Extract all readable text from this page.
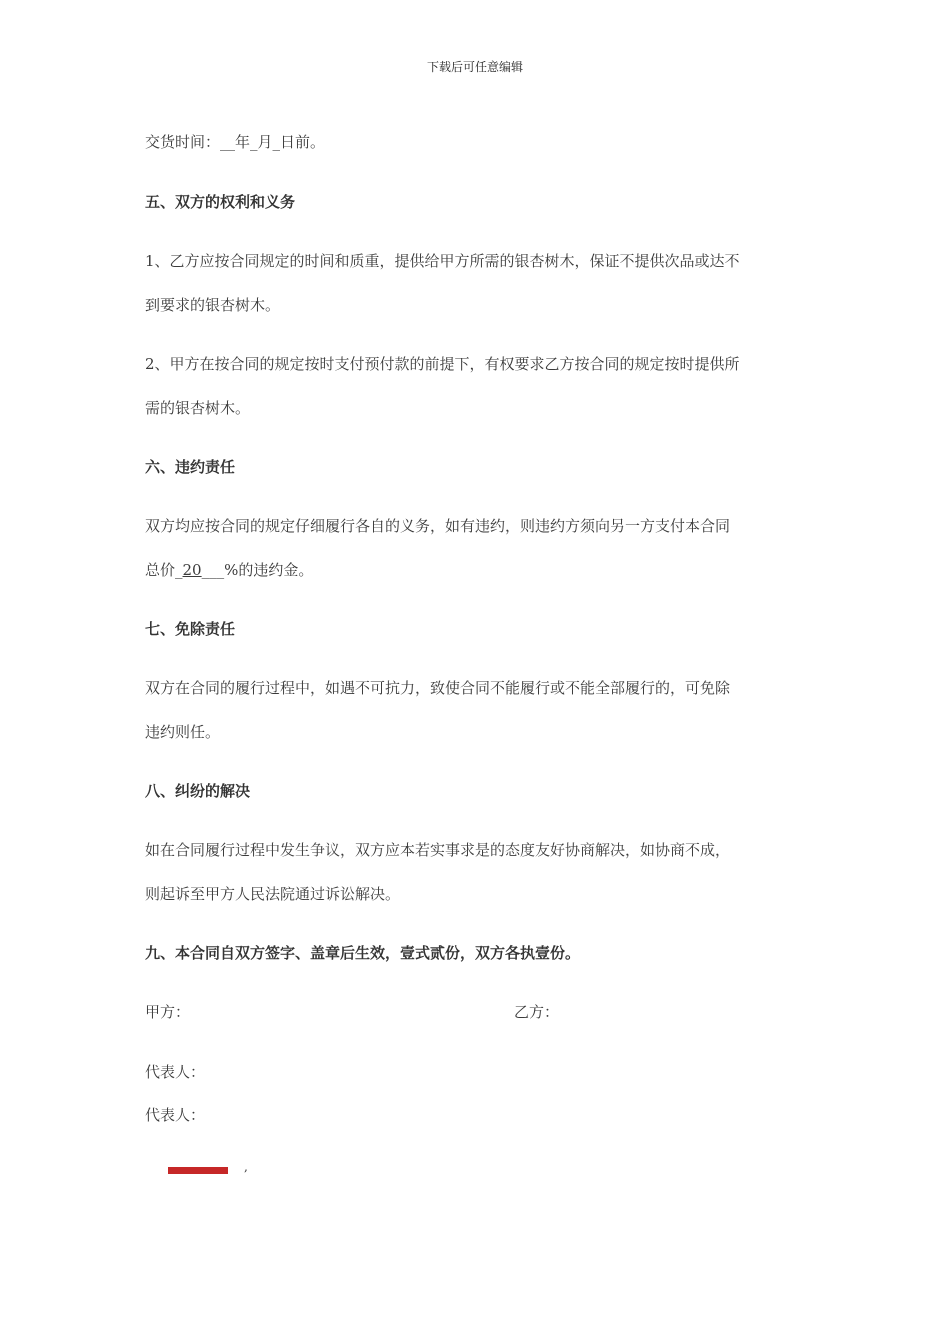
下载后可任意编辑
交货时间：__年_月_日前。
五、双方的权利和义务
1、乙方应按合同规定的时间和质重，提供给甲方所需的银杏树木，保证不提供次品或达不
到要求的银杏树木。
2、甲方在按合同的规定按时支付预付款的前提下，有权要求乙方按合同的规定按时提供所
需的银杏树木。
六、违约责任
双方均应按合同的规定仔细履行各自的义务，如有违约，则违约方须向另一方支付本合同
总价_20___%的违约金。
七、免除责任
双方在合同的履行过程中，如遇不可抗力，致使合同不能履行或不能全部履行的，可免除
违约则任。
八、纠纷的解决
如在合同履行过程中发生争议，双方应本若实事求是的态度友好协商解决，如协商不成，
则起诉至甲方人民法院通过诉讼解决。
九、本合同自双方签字、盖章后生效，壹式贰份，双方各执壹份。
甲方：	乙方：
代表人：
代表人：
,
